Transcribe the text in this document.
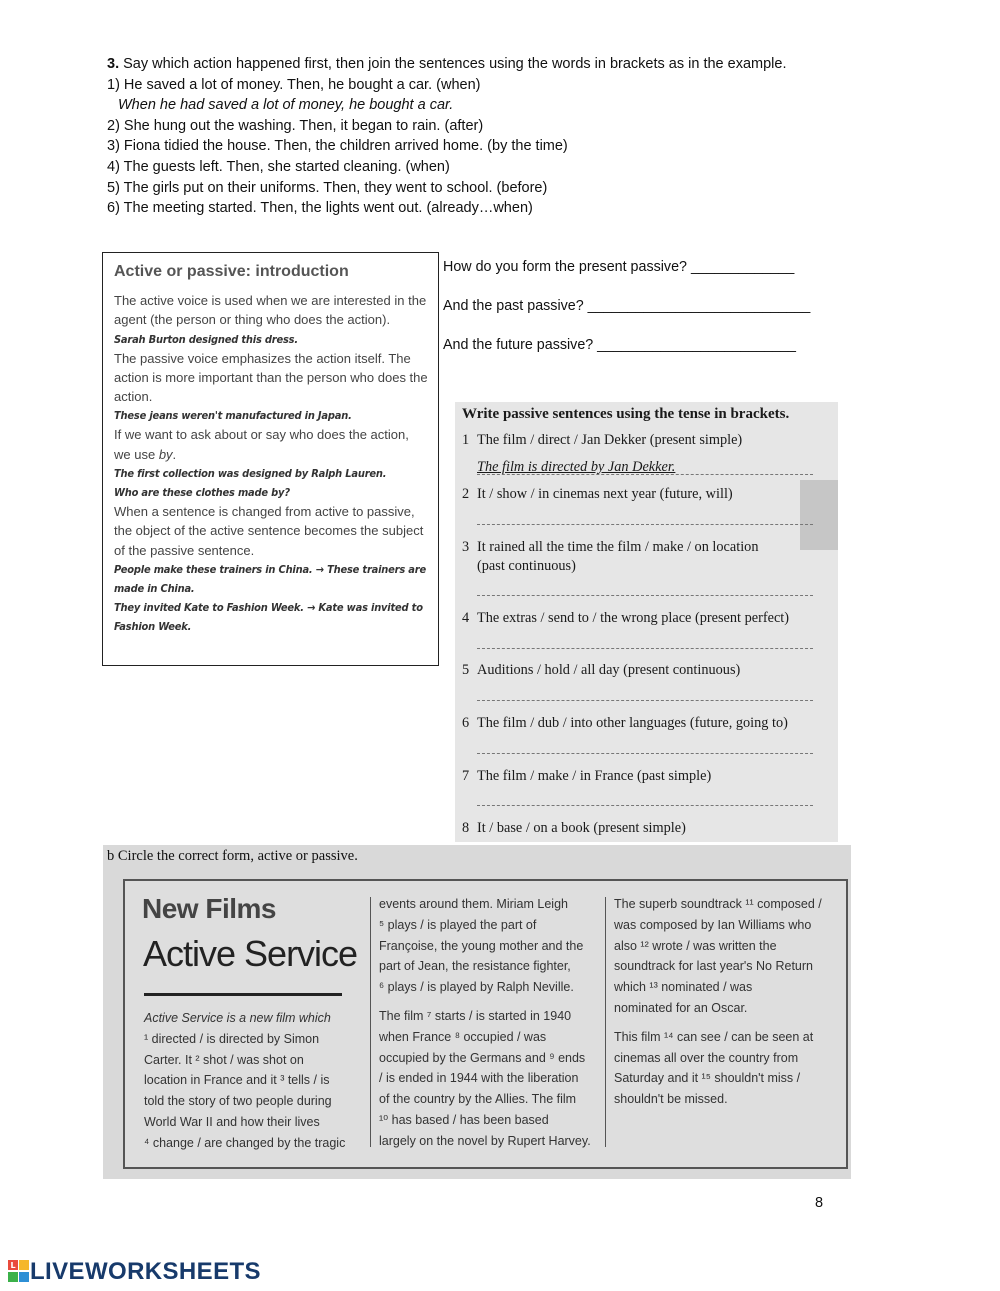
3. Say which action happened first, then join the sentences using the words in brackets as in the example.
1) He saved a lot of money. Then, he bought a car. (when)
When he had saved a lot of money, he bought a car.
2) She hung out the washing. Then, it began to rain. (after)
3) Fiona tidied the house. Then, the children arrived home. (by the time)
4) The guests left. Then, she started cleaning. (when)
5) The girls put on their uniforms. Then, they went to school. (before)
6) The meeting started. Then, the lights went out. (already…when)
Active or passive: introduction
The active voice is used when we are interested in the agent (the person or thing who does the action).
Sarah Burton designed this dress.
The passive voice emphasizes the action itself. The action is more important than the person who does the action.
These jeans weren't manufactured in Japan.
If we want to ask about or say who does the action, we use by.
The first collection was designed by Ralph Lauren.
Who are these clothes made by?
When a sentence is changed from active to passive, the object of the active sentence becomes the subject of the passive sentence.
People make these trainers in China. → These trainers are made in China.
They invited Kate to Fashion Week. → Kate was invited to Fashion Week.
How do you form the present passive? _____________
And the past passive? ____________________________
And the future passive? _________________________
Write passive sentences using the tense in brackets.
1 The film / direct / Jan Dekker (present simple)
The film is directed by Jan Dekker.
2 It / show / in cinemas next year (future, will)
3 It rained all the time the film / make / on location
(past continuous)
4 The extras / send to / the wrong place (present perfect)
5 Auditions / hold / all day (present continuous)
6 The film / dub / into other languages (future, going to)
7 The film / make / in France (past simple)
8 It / base / on a book (present simple)
b Circle the correct form, active or passive.
New Films
Active Service
Active Service is a new film which
¹ directed / is directed by Simon
Carter. It ² shot / was shot on
location in France and it ³ tells / is
told the story of two people during
World War II and how their lives
⁴ change / are changed by the tragic
events around them. Miriam Leigh
⁵ plays / is played the part of
Françoise, the young mother and the
part of Jean, the resistance fighter,
⁶ plays / is played by Ralph Neville.
The film ⁷ starts / is started in 1940
when France ⁸ occupied / was
occupied by the Germans and ⁹ ends
/ is ended in 1944 with the liberation
of the country by the Allies. The film
¹⁰ has based / has been based
largely on the novel by Rupert Harvey.
The superb soundtrack ¹¹ composed /
was composed by Ian Williams who
also ¹² wrote / was written the
soundtrack for last year's No Return
which ¹³ nominated / was
nominated for an Oscar.
This film ¹⁴ can see / can be seen at
cinemas all over the country from
Saturday and it ¹⁵ shouldn't miss /
shouldn't be missed.
8
L LIVEWORKSHEETS
